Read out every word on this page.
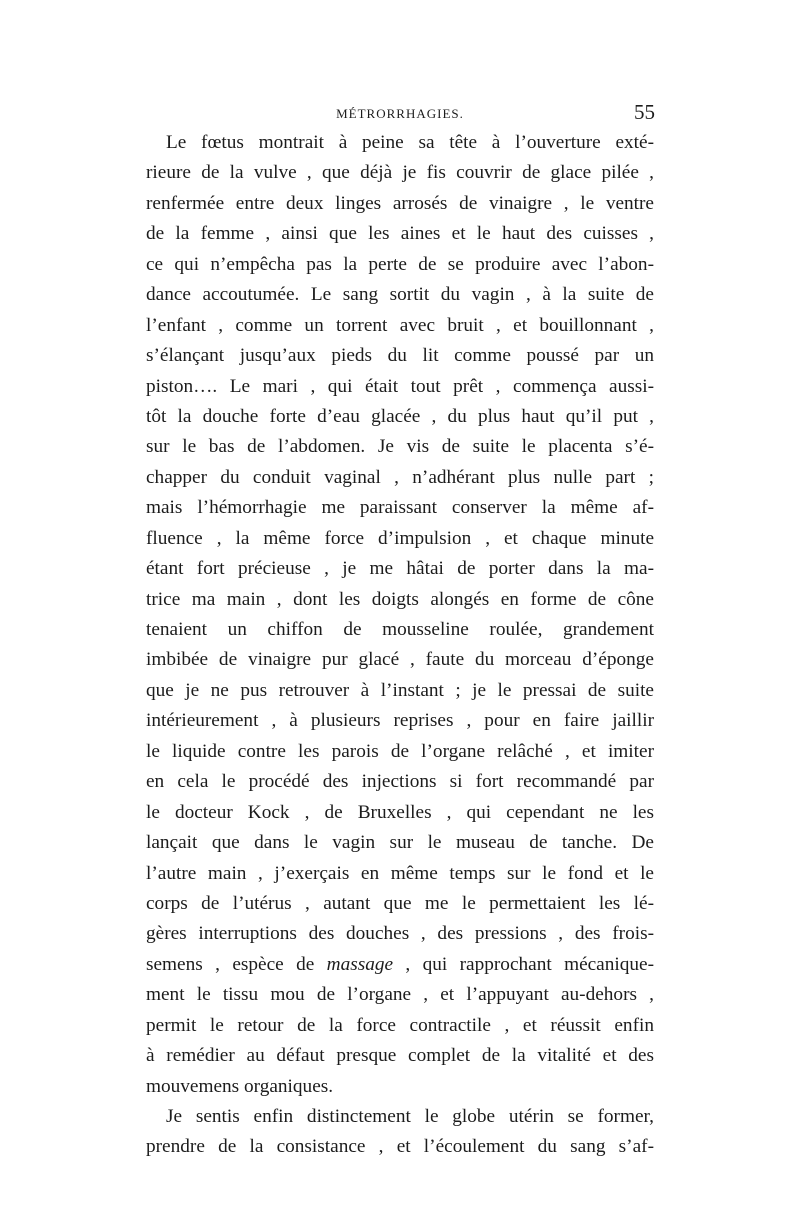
MÉTRORRHAGIES.	55
Le fœtus montrait à peine sa tête à l’ouverture exté-
rieure de la vulve , que déjà je fis couvrir de glace pilée ,
renfermée entre deux linges arrosés de vinaigre , le ventre
de la femme , ainsi que les aines et le haut des cuisses ,
ce qui n’empêcha pas la perte de se produire avec l’abon-
dance accoutumée. Le sang sortit du vagin , à la suite de
l’enfant , comme un torrent avec bruit , et bouillonnant ,
s’élançant jusqu’aux pieds du lit comme poussé par un
piston…. Le mari , qui était tout prêt , commença aussi-
tôt la douche forte d’eau glacée , du plus haut qu’il put ,
sur le bas de l’abdomen. Je vis de suite le placenta s’é-
chapper du conduit vaginal , n’adhérant plus nulle part ;
mais l’hémorrhagie me paraissant conserver la même af-
fluence , la même force d’impulsion , et chaque minute
étant fort précieuse , je me hâtai de porter dans la ma-
trice ma main , dont les doigts alongés en forme de cône
tenaient un chiffon de mousseline roulée, grandement
imbibée de vinaigre pur glacé , faute du morceau d’éponge
que je ne pus retrouver à l’instant ; je le pressai de suite
intérieurement , à plusieurs reprises , pour en faire jaillir
le liquide contre les parois de l’organe relâché , et imiter
en cela le procédé des injections si fort recommandé par
le docteur Kock , de Bruxelles , qui cependant ne les
lançait que dans le vagin sur le museau de tanche. De
l’autre main , j’exerçais en même temps sur le fond et le
corps de l’utérus , autant que me le permettaient les lé-
gères interruptions des douches , des pressions , des frois-
semens , espèce de massage , qui rapprochant mécanique-
ment le tissu mou de l’organe , et l’appuyant au-dehors ,
permit le retour de la force contractile , et réussit enfin
à remédier au défaut presque complet de la vitalité et des
mouvemens organiques.
Je sentis enfin distinctement le globe utérin se former,
prendre de la consistance , et l’écoulement du sang s’af-
